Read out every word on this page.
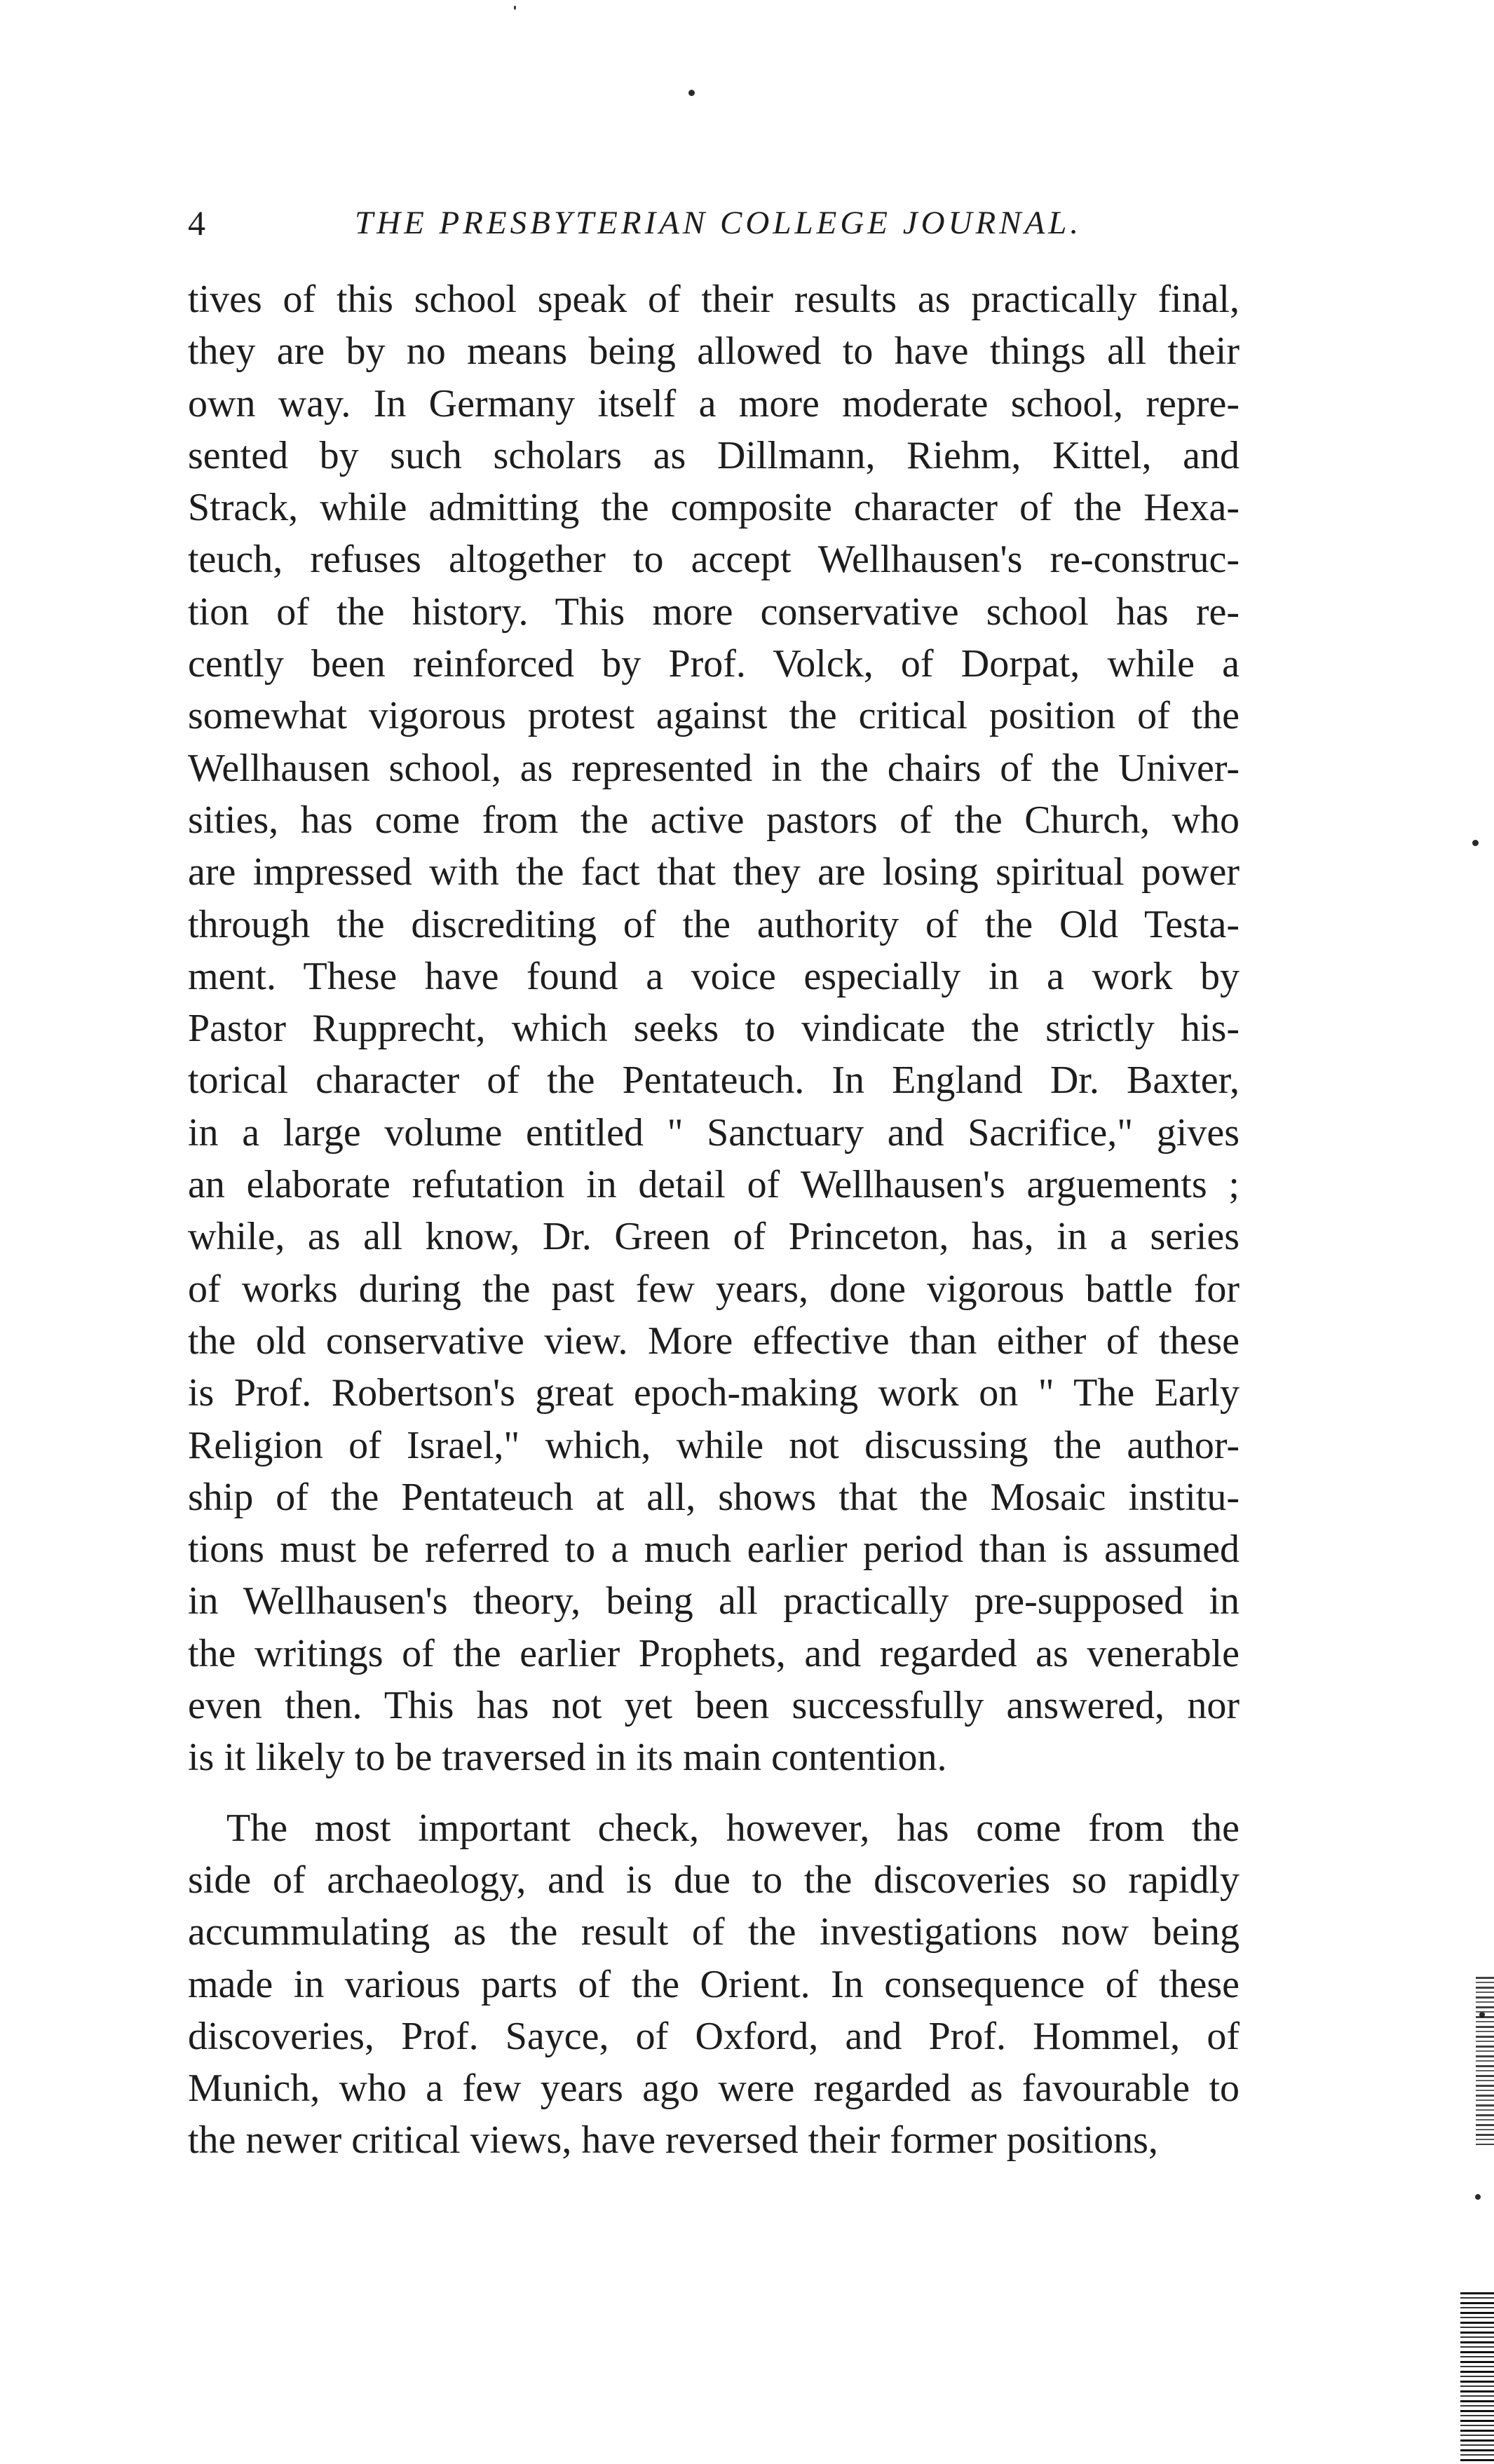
4	THE PRESBYTERIAN COLLEGE JOURNAL.
tives of this school speak of their results as practically final,
they are by no means being allowed to have things all their
own way. In Germany itself a more moderate school, repre-
sented by such scholars as Dillmann, Riehm, Kittel, and
Strack, while admitting the composite character of the Hexa-
teuch, refuses altogether to accept Wellhausen's re-construc-
tion of the history. This more conservative school has re-
cently been reinforced by Prof. Volck, of Dorpat, while a
somewhat vigorous protest against the critical position of the
Wellhausen school, as represented in the chairs of the Univer-
sities, has come from the active pastors of the Church, who
are impressed with the fact that they are losing spiritual power
through the discrediting of the authority of the Old Testa-
ment. These have found a voice especially in a work by
Pastor Rupprecht, which seeks to vindicate the strictly his-
torical character of the Pentateuch. In England Dr. Baxter,
in a large volume entitled " Sanctuary and Sacrifice," gives
an elaborate refutation in detail of Wellhausen's arguements ;
while, as all know, Dr. Green of Princeton, has, in a series
of works during the past few years, done vigorous battle for
the old conservative view. More effective than either of these
is Prof. Robertson's great epoch-making work on " The Early
Religion of Israel," which, while not discussing the author-
ship of the Pentateuch at all, shows that the Mosaic institu-
tions must be referred to a much earlier period than is assumed
in Wellhausen's theory, being all practically pre-supposed in
the writings of the earlier Prophets, and regarded as venerable
even then. This has not yet been successfully answered, nor
is it likely to be traversed in its main contention.
The most important check, however, has come from the
side of archaeology, and is due to the discoveries so rapidly
accummulating as the result of the investigations now being
made in various parts of the Orient. In consequence of these
discoveries, Prof. Sayce, of Oxford, and Prof. Hommel, of
Munich, who a few years ago were regarded as favourable to
the newer critical views, have reversed their former positions,
